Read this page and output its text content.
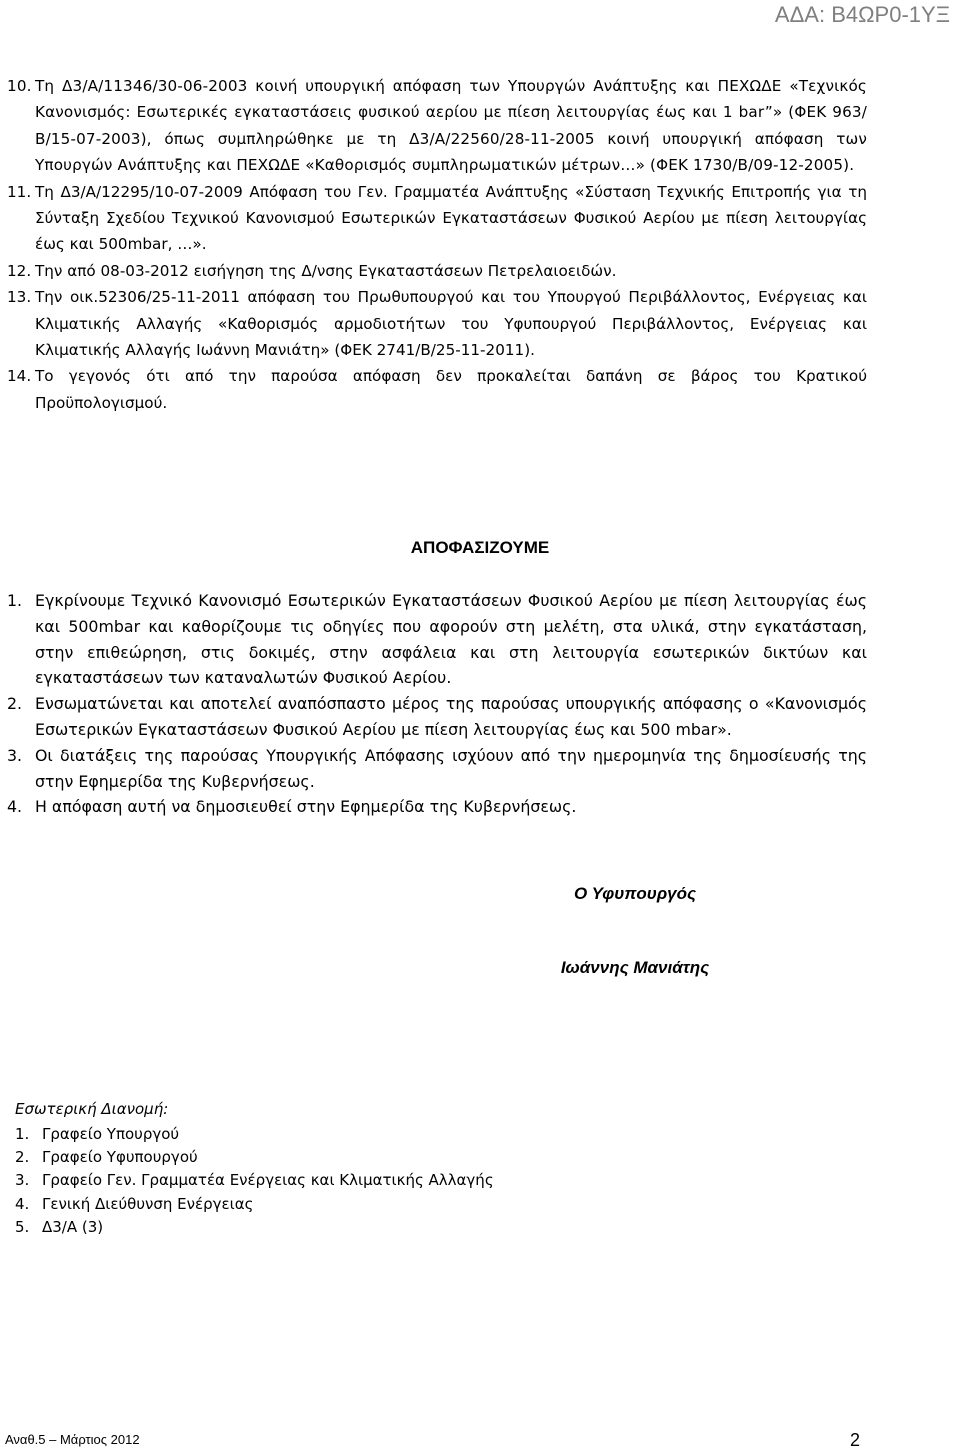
ΑΔΑ: Β4ΩΡ0-1ΥΞ
10. Τη Δ3/Α/11346/30-06-2003 κοινή υπουργική απόφαση των Υπουργών Ανάπτυξης και ΠΕΧΩΔΕ «Τεχνικός Κανονισμός: Εσωτερικές εγκαταστάσεις φυσικού αερίου με πίεση λειτουργίας έως και 1 bar”» (ΦΕΚ 963/Β/15-07-2003), όπως συμπληρώθηκε με τη Δ3/Α/22560/28-11-2005 κοινή υπουργική απόφαση των Υπουργών Ανάπτυξης και ΠΕΧΩΔΕ «Καθορισμός συμπληρωματικών μέτρων…» (ΦΕΚ 1730/Β/09-12-2005).
11. Τη Δ3/Α/12295/10-07-2009 Απόφαση του Γεν. Γραμματέα Ανάπτυξης «Σύσταση Τεχνικής Επιτροπής για τη Σύνταξη Σχεδίου Τεχνικού Κανονισμού Εσωτερικών Εγκαταστάσεων Φυσικού Αερίου με πίεση λειτουργίας έως και 500mbar, …».
12. Την από 08-03-2012 εισήγηση της Δ/νσης Εγκαταστάσεων Πετρελαιοειδών.
13. Την οικ.52306/25-11-2011 απόφαση του Πρωθυπουργού και του Υπουργού Περιβάλλοντος, Ενέργειας και Κλιματικής Αλλαγής «Καθορισμός αρμοδιοτήτων του Υφυπουργού Περιβάλλοντος, Ενέργειας και Κλιματικής Αλλαγής Ιωάννη Μανιάτη» (ΦΕΚ 2741/Β/25-11-2011).
14. Το γεγονός ότι από την παρούσα απόφαση δεν προκαλείται δαπάνη σε βάρος του Κρατικού Προϋπολογισμού.
ΑΠΟΦΑΣΙΖΟΥΜΕ
1. Εγκρίνουμε Τεχνικό Κανονισμό Εσωτερικών Εγκαταστάσεων Φυσικού Αερίου με πίεση λειτουργίας έως και 500mbar και καθορίζουμε τις οδηγίες που αφορούν στη μελέτη, στα υλικά, στην εγκατάσταση, στην επιθεώρηση, στις δοκιμές, στην ασφάλεια και στη λειτουργία εσωτερικών δικτύων και εγκαταστάσεων των καταναλωτών Φυσικού Αερίου.
2. Ενσωματώνεται και αποτελεί αναπόσπαστο μέρος της παρούσας υπουργικής απόφασης ο «Κανονισμός Εσωτερικών Εγκαταστάσεων Φυσικού Αερίου με πίεση λειτουργίας έως και 500 mbar».
3. Οι διατάξεις της παρούσας Υπουργικής Απόφασης ισχύουν από την ημερομηνία της δημοσίευσής της στην Εφημερίδα της Κυβερνήσεως.
4. Η απόφαση αυτή να δημοσιευθεί στην Εφημερίδα της Κυβερνήσεως.
Ο Υφυπουργός
Ιωάννης Μανιάτης
Εσωτερική Διανομή:
1. Γραφείο Υπουργού
2. Γραφείο Υφυπουργού
3. Γραφείο Γεν. Γραμματέα Ενέργειας και Κλιματικής Αλλαγής
4. Γενική Διεύθυνση Ενέργειας
5. Δ3/Α (3)
Αναθ.5 – Μάρτιος 2012	2
